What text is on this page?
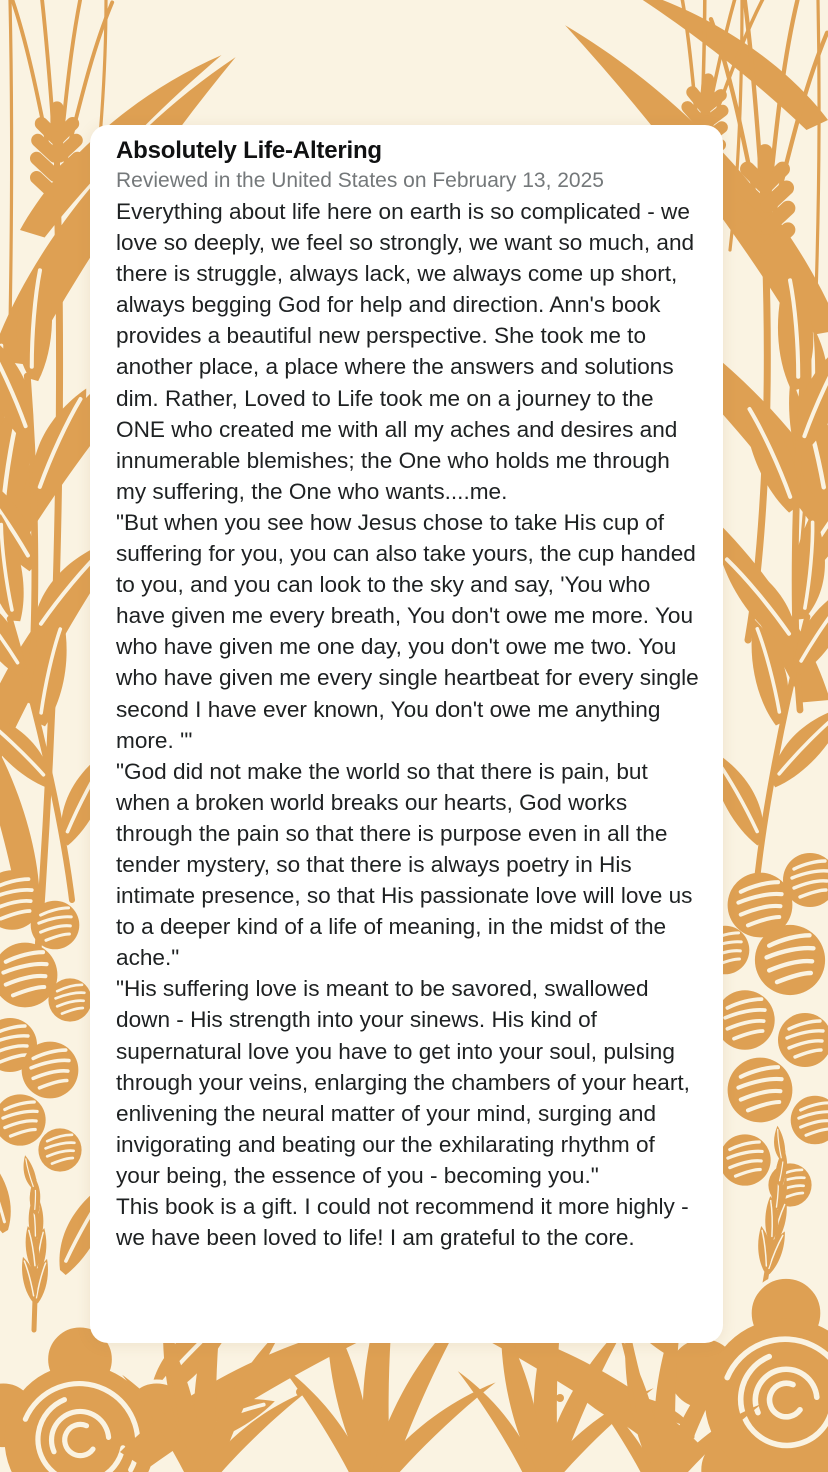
Absolutely Life-Altering
Reviewed in the United States on February 13, 2025

Everything about life here on earth is so complicated - we love so deeply, we feel so strongly, we want so much, and there is struggle, always lack, we always come up short, always begging God for help and direction. Ann's book provides a beautiful new perspective. She took me to another place, a place where the answers and solutions dim. Rather, Loved to Life took me on a journey to the ONE who created me with all my aches and desires and innumerable blemishes; the One who holds me through my suffering, the One who wants....me.

"But when you see how Jesus chose to take His cup of suffering for you, you can also take yours, the cup handed to you, and you can look to the sky and say, 'You who have given me every breath, You don't owe me more. You who have given me one day, you don't owe me two. You who have given me every single heartbeat for every single second I have ever known, You don't owe me anything more. '"

"God did not make the world so that there is pain, but when a broken world breaks our hearts, God works through the pain so that there is purpose even in all the tender mystery, so that there is always poetry in His intimate presence, so that His passionate love will love us to a deeper kind of a life of meaning, in the midst of the ache."

"His suffering love is meant to be savored, swallowed down - His strength into your sinews. His kind of supernatural love you have to get into your soul, pulsing through your veins, enlarging the chambers of your heart, enlivening the neural matter of your mind, surging and invigorating and beating our the exhilarating rhythm of your being, the essence of you - becoming you."

This book is a gift. I could not recommend it more highly - we have been loved to life! I am grateful to the core.
